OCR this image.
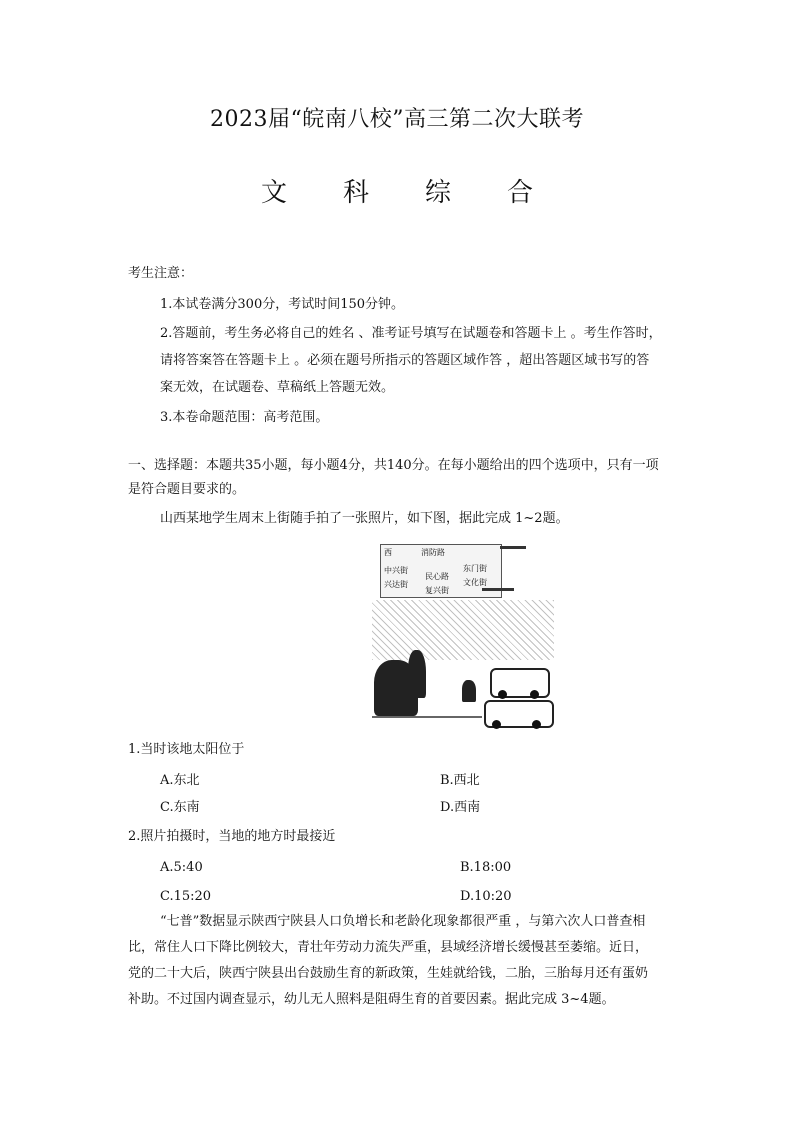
2023届“皖南八校”高三第二次大联考
文 科 综 合
考生注意：
1.本试卷满分300分，考试时间150分钟。
2.答题前，考生务必将自己的姓名 、准考证号填写在试题卷和答题卡上 。考生作答时，
请将答案答在答题卡上 。必须在题号所指示的答题区域作答 ，超出答题区域书写的答
案无效，在试题卷、草稿纸上答题无效。
3.本卷命题范围：高考范围。
一、选择题：本题共35小题，每小题4分，共140分。在每小题给出的四个选项中，只有一项
是符合题目要求的。
山西某地学生周末上街随手拍了一张照片，如下图，据此完成 1~2题。
西	消防路
中兴街
民心路
兴达街
东门街
文化街
复兴街
1.当时该地太阳位于
A.东北	B.西北
C.东南	D.西南
2.照片拍摄时，当地的地方时最接近
A.5:40	B.18:00
C.15:20	D.10:20
“七普”数据显示陕西宁陕县人口负增长和老龄化现象都很严重 ，与第六次人口普查相
比，常住人口下降比例较大，青壮年劳动力流失严重，县域经济增长缓慢甚至萎缩。近日，
党的二十大后，陕西宁陕县出台鼓励生育的新政策，生娃就给钱，二胎，三胎每月还有蛋奶
补助。不过国内调查显示，幼儿无人照料是阻碍生育的首要因素。据此完成 3~4题。
